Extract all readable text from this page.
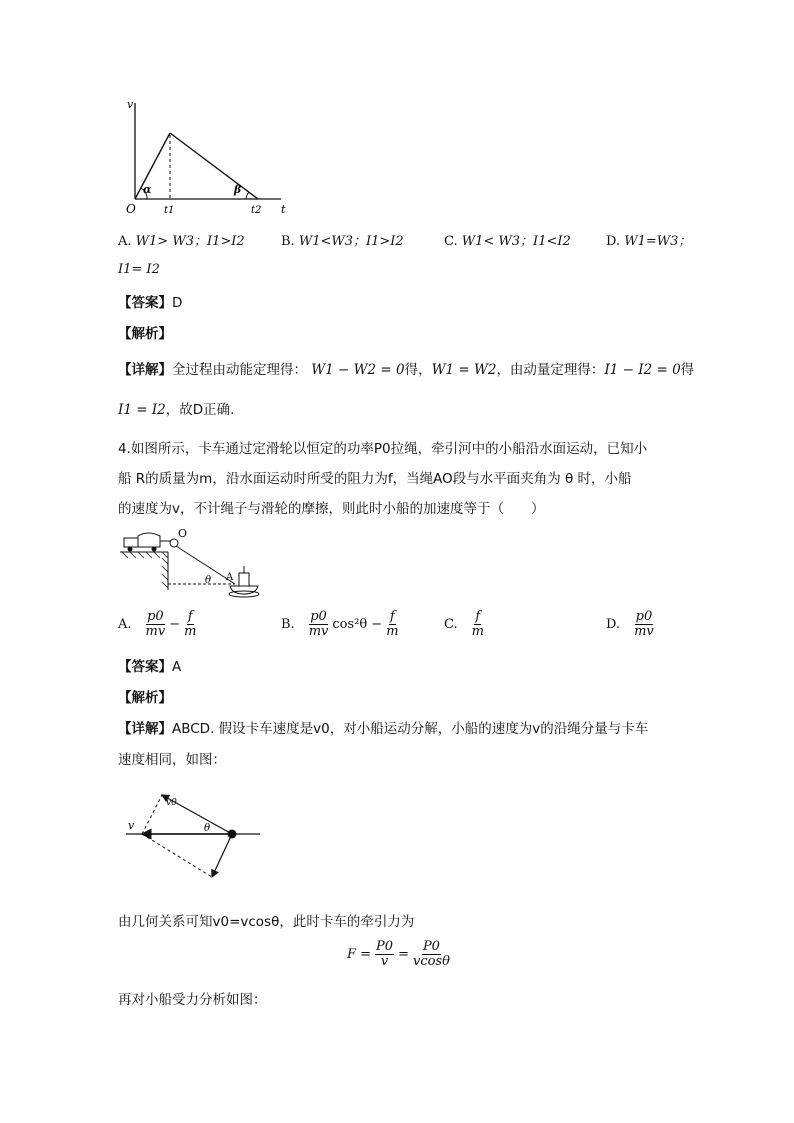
v
t
O	t1	t2
α	β
A. W1> W3；I1>I2	B. W1<W3；I1>I2	C. W1< W3；I1<I2	D. W1=W3；
I1= I2
【答案】D
【解析】
【详解】全过程由动能定理得： W1 − W2 = 0得，W1 = W2，由动量定理得：I1 − I2 = 0得
I1 = I2，故D正确.
4.如图所示，卡车通过定滑轮以恒定的功率P0拉绳，牵引河中的小船沿水面运动，已知小
船 R的质量为m，沿水面运动时所受的阻力为f，当绳AO段与水平面夹角为 θ 时，小船
的速度为v，不计绳子与滑轮的摩擦，则此时小船的加速度等于（　　）
O
A
θ
A. $\frac{p0}{mv} - \frac{f}{m}$	B. $\frac{p0}{mv} \cos^2\theta - \frac{f}{m}$	C. $\frac{f}{m}$	D. $\frac{p0}{mv}$
【答案】A
【解析】
【详解】ABCD. 假设卡车速度是v0，对小船运动分解，小船的速度为v的沿绳分量与卡车
速度相同，如图：
v
v0
θ
由几何关系可知v0=vcosθ，此时卡车的牵引力为
$F = \frac{P0}{v} = \frac{P0}{vcos\theta}$
再对小船受力分析如图：
